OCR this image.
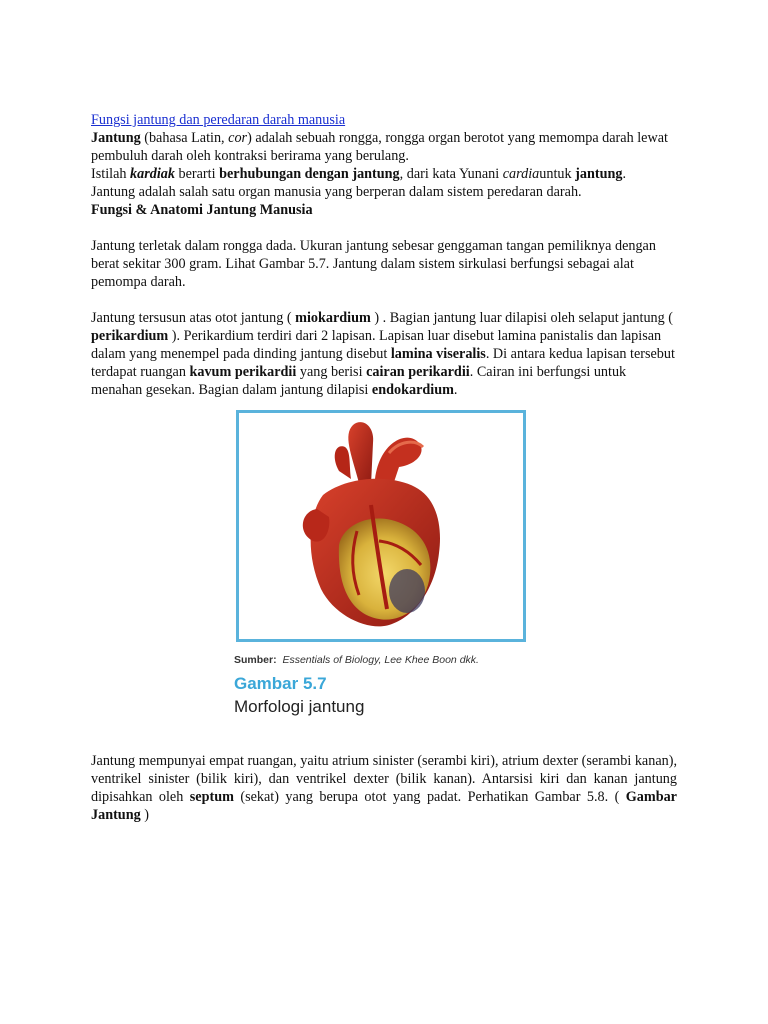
Fungsi jantung dan peredaran darah manusia

Jantung (bahasa Latin, cor) adalah sebuah rongga, rongga organ berotot yang memompa darah lewat pembuluh darah oleh kontraksi berirama yang berulang.

Istilah kardiak berarti berhubungan dengan jantung, dari kata Yunani cardiauntuk jantung.

Jantung adalah salah satu organ manusia yang berperan dalam sistem peredaran darah.

Fungsi & Anatomi Jantung Manusia

Jantung terletak dalam rongga dada. Ukuran jantung sebesar genggaman tangan pemiliknya dengan berat sekitar 300 gram. Lihat Gambar 5.7. Jantung dalam sistem sirkulasi berfungsi sebagai alat pemompa darah.

Jantung tersusun atas otot jantung ( miokardium ) . Bagian jantung luar dilapisi oleh selaput jantung ( perikardium ). Perikardium terdiri dari 2 lapisan. Lapisan luar disebut lamina panistalis dan lapisan dalam yang menempel pada dinding jantung disebut lamina viseralis. Di antara kedua lapisan tersebut terdapat ruangan kavum perikardii yang berisi cairan perikardii. Cairan ini berfungsi untuk menahan gesekan. Bagian dalam jantung dilapisi endokardium.

Sumber: Essentials of Biology, Lee Khee Boon dkk.
Gambar 5.7
Morfologi jantung

Jantung mempunyai empat ruangan, yaitu atrium sinister (serambi kiri), atrium dexter (serambi kanan), ventrikel sinister (bilik kiri), dan ventrikel dexter (bilik kanan). Antarsisi kiri dan kanan jantung dipisahkan oleh septum (sekat) yang berupa otot yang padat. Perhatikan Gambar 5.8. ( Gambar Jantung )
